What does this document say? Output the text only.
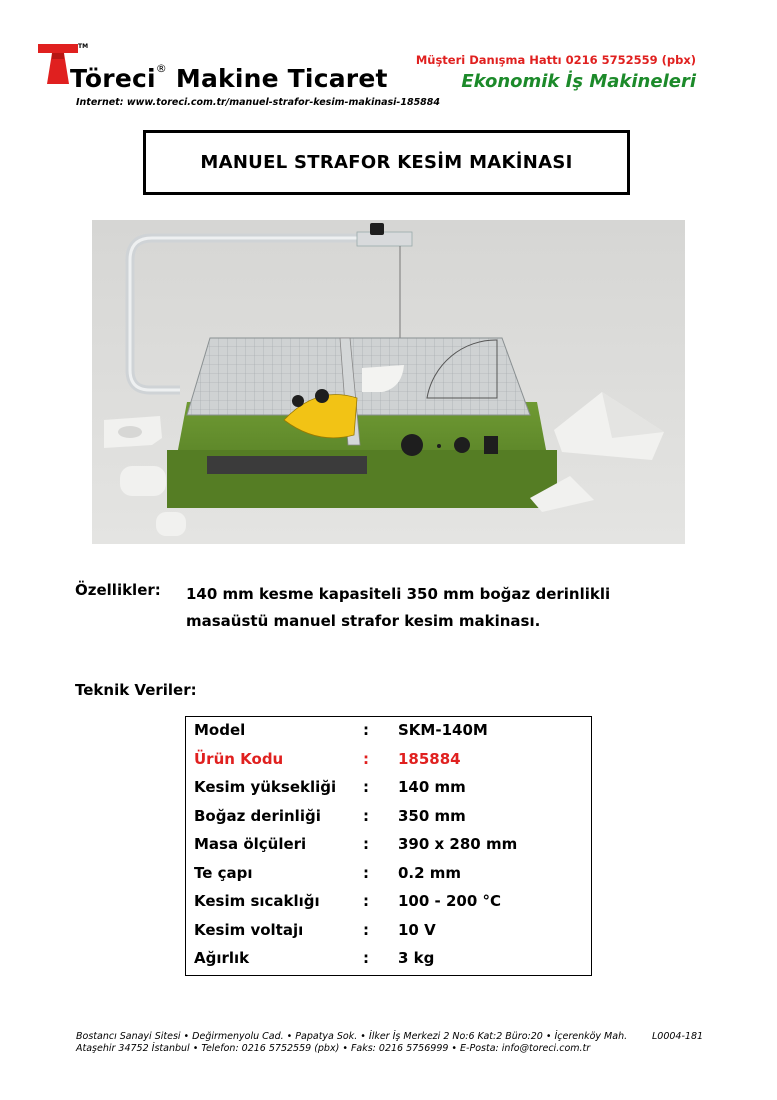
TM
Töreci® Makine Ticaret
Internet: www.toreci.com.tr/manuel-strafor-kesim-makinasi-185884
Müşteri Danışma Hattı 0216 5752559 (pbx)
Ekonomik İş Makineleri
MANUEL STRAFOR KESİM MAKİNASI
Özellikler: 140 mm kesme kapasiteli 350 mm boğaz derinlikli
masaüstü manuel strafor kesim makinası.
Teknik Veriler:
Model	: SKM-140M
Ürün Kodu	: 185884
Kesim yüksekliği : 140 mm
Boğaz derinliği	: 350 mm
Masa ölçüleri	: 390 x 280 mm
Te çapı	: 0.2 mm
Kesim sıcaklığı	: 100 - 200 °C
Kesim voltajı	: 10 V
Ağırlık	: 3 kg
Bostancı Sanayi Sitesi • Değirmenyolu Cad. • Papatya Sok. • İlker İş Merkezi 2 No:6 Kat:2 Büro:20 • İçerenköy Mah.
Ataşehir 34752 İstanbul • Telefon: 0216 5752559 (pbx) • Faks: 0216 5756999 • E-Posta: info@toreci.com.tr
L0004-181
